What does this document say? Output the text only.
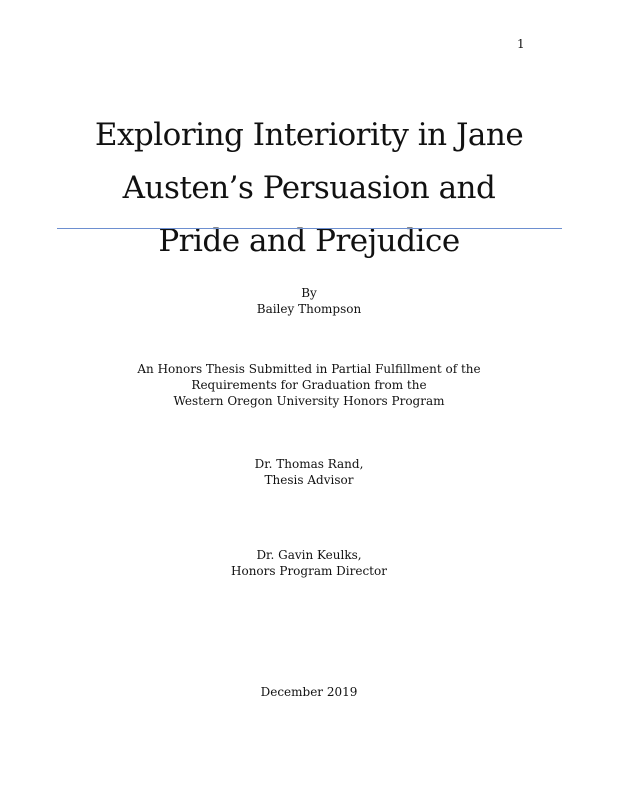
1
Exploring Interiority in Jane
Austen’s Persuasion and
Pride and Prejudice
By
Bailey Thompson
An Honors Thesis Submitted in Partial Fulfillment of the
Requirements for Graduation from the
Western Oregon University Honors Program
Dr. Thomas Rand,
Thesis Advisor
Dr. Gavin Keulks,
Honors Program Director
December 2019
